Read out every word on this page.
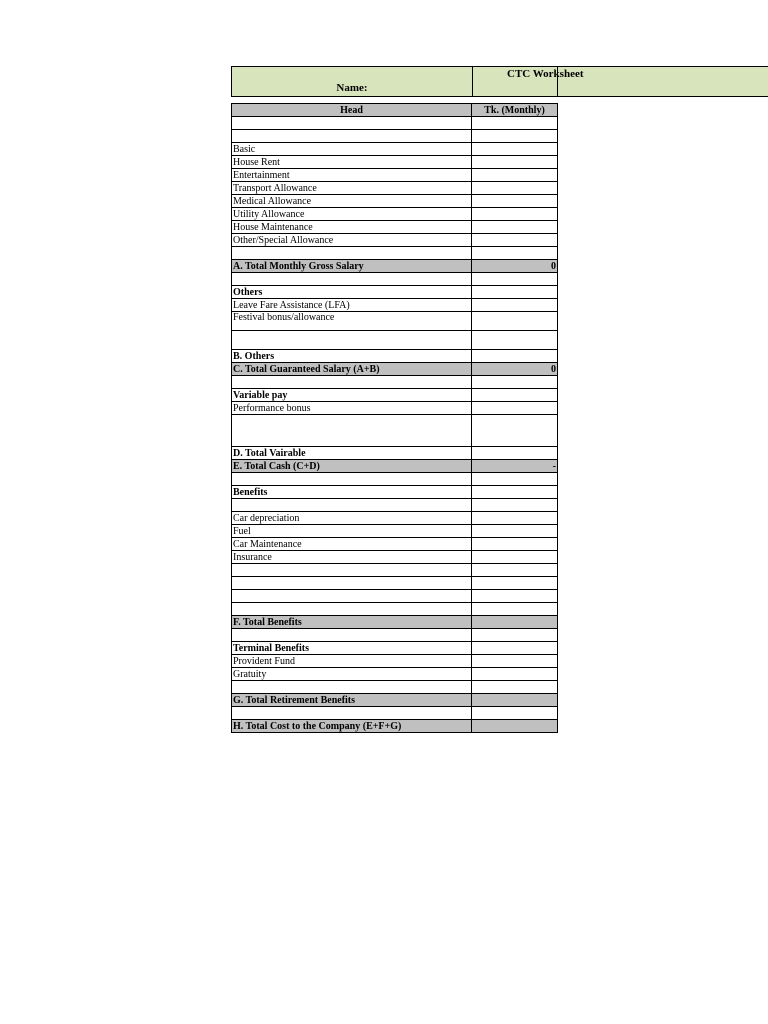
CTC Worksheet
Name:
Head	Tk. (Monthly)

Basic	
House Rent	
Entertainment	
Transport Allowance	
Medical Allowance	
Utility Allowance	
House Maintenance	
Other/Special Allowance	

A. Total Monthly Gross Salary	0

Others	
Leave Fare Assistance (LFA)	
Festival bonus/allowance	

B. Others	
C. Total Guaranteed Salary (A+B)	0

Variable pay	
Performance bonus	

D. Total Vairable	
E. Total Cash (C+D)	-

Benefits	

Car depreciation	
Fuel	
Car Maintenance	
Insurance	

F. Total Benefits	

Terminal Benefits	
Provident Fund	
Gratuity	

G. Total Retirement Benefits	

H. Total Cost to the Company (E+F+G)	
